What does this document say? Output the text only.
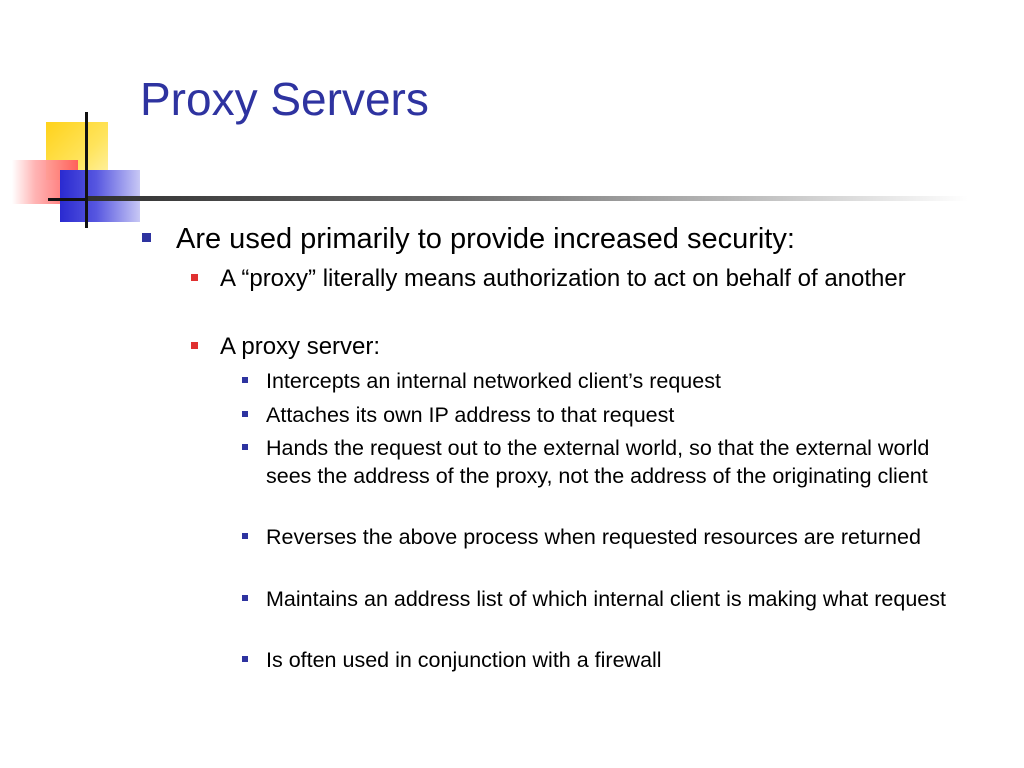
Proxy Servers
Are used primarily to provide increased security:
A “proxy” literally means authorization to act on behalf of another
A proxy server:
Intercepts an internal networked client’s request
Attaches its own IP address to that request
Hands the request out to the external world, so that the external world sees the address of the proxy, not the address of the originating client
Reverses the above process when requested resources are returned
Maintains an address list of which internal client is making what request
Is often used in conjunction with a firewall
